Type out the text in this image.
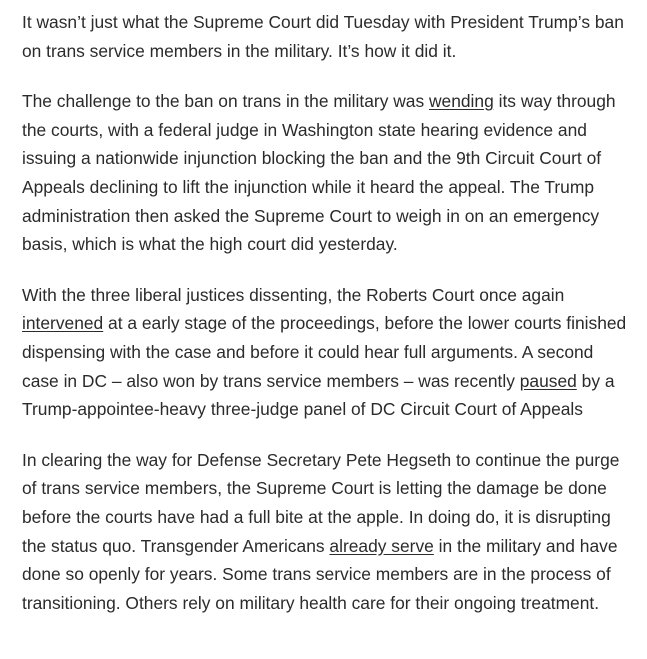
It wasn’t just what the Supreme Court did Tuesday with President Trump’s ban on trans service members in the military. It’s how it did it.

The challenge to the ban on trans in the military was wending its way through the courts, with a federal judge in Washington state hearing evidence and issuing a nationwide injunction blocking the ban and the 9th Circuit Court of Appeals declining to lift the injunction while it heard the appeal. The Trump administration then asked the Supreme Court to weigh in on an emergency basis, which is what the high court did yesterday.

With the three liberal justices dissenting, the Roberts Court once again intervened at a early stage of the proceedings, before the lower courts finished dispensing with the case and before it could hear full arguments. A second case in DC – also won by trans service members – was recently paused by a Trump-appointee-heavy three-judge panel of DC Circuit Court of Appeals

In clearing the way for Defense Secretary Pete Hegseth to continue the purge of trans service members, the Supreme Court is letting the damage be done before the courts have had a full bite at the apple. In doing do, it is disrupting the status quo. Transgender Americans already serve in the military and have done so openly for years. Some trans service members are in the process of transitioning. Others rely on military health care for their ongoing treatment.
